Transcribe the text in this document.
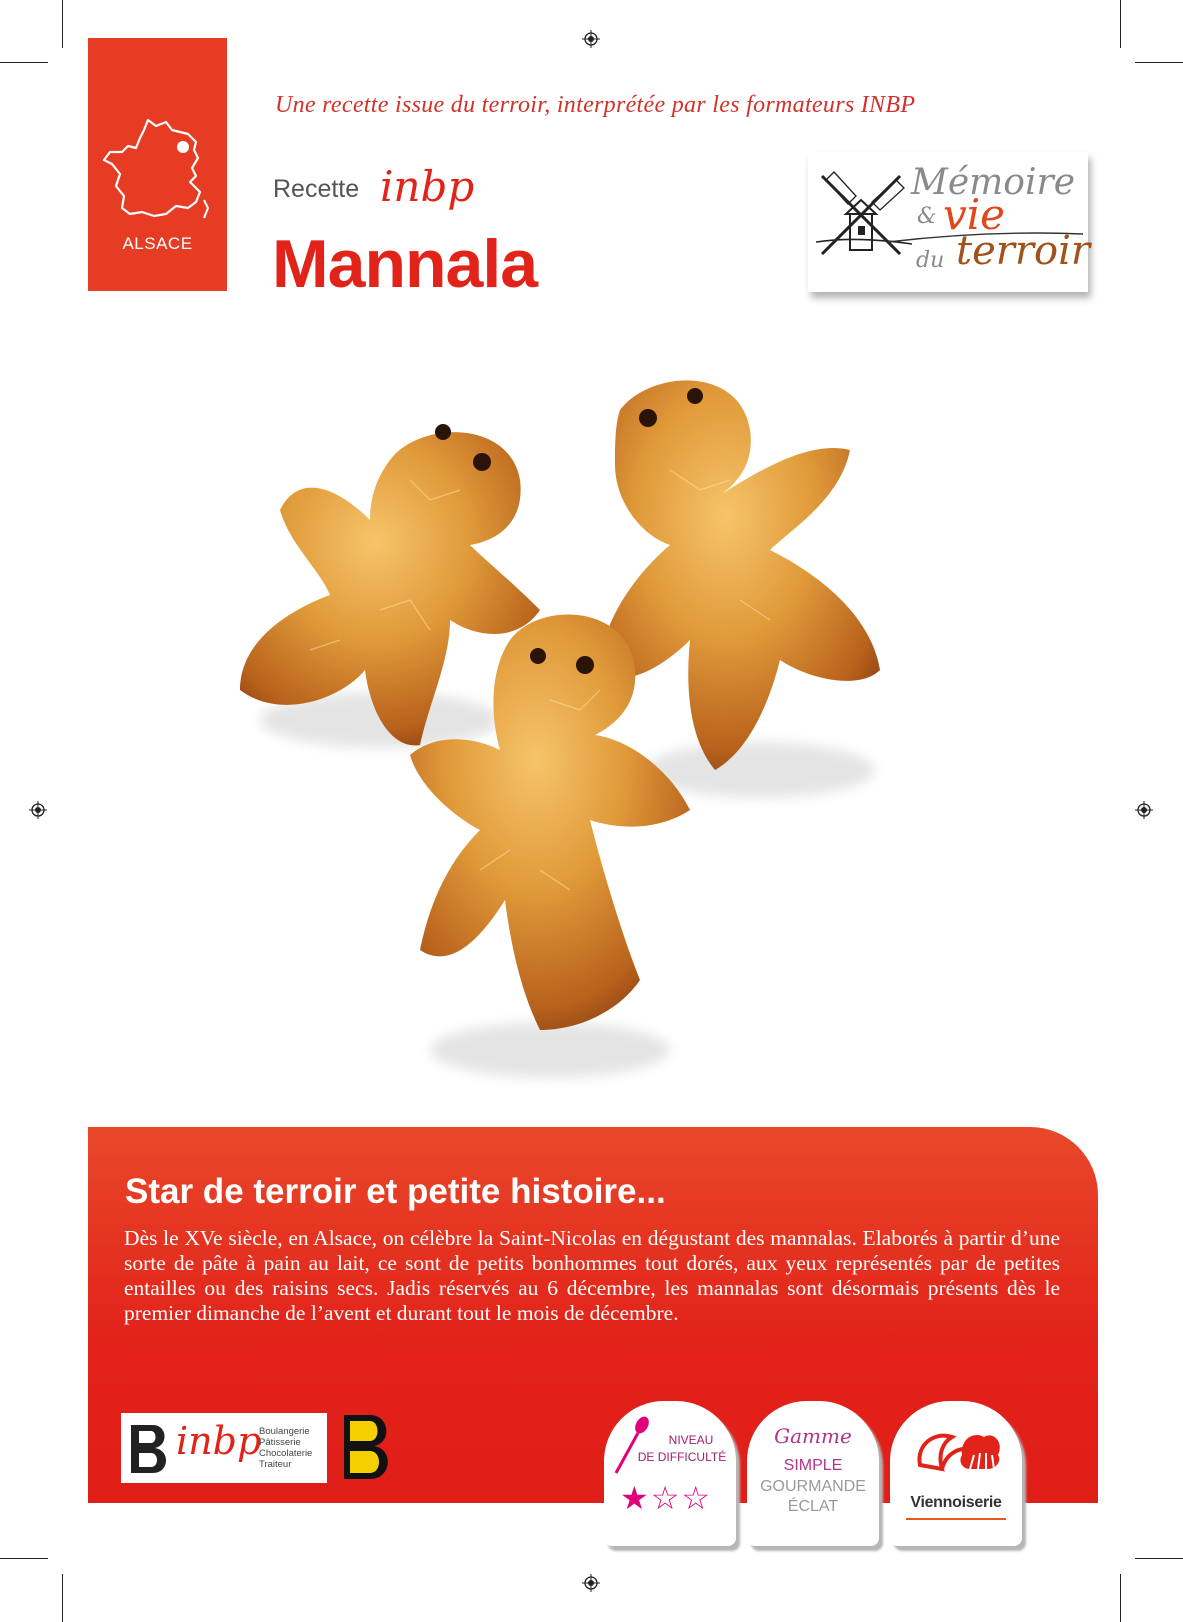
ALSACE
Une recette issue du terroir, interprétée par les formateurs INBP
Recette inbp
Mannala
Mémoire
& vie
du terroir
Star de terroir et petite histoire...
Dès le XVe siècle, en Alsace, on célèbre la Saint-Nicolas en dégustant des mannalas. Elaborés à partir d’une sorte de pâte à pain au lait, ce sont de petits bonhommes tout dorés, aux yeux représentés par de petites entailles ou des raisins secs. Jadis réservés au 6 décembre, les mannalas sont désormais présents dès le premier dimanche de l’avent et durant tout le mois de décembre.
inbp
Boulangerie
Pâtisserie
Chocolaterie
Traiteur
NIVEAU
DE DIFFICULTÉ
★☆☆
Gamme
SIMPLE
GOURMANDE
ÉCLAT	Viennoiserie
